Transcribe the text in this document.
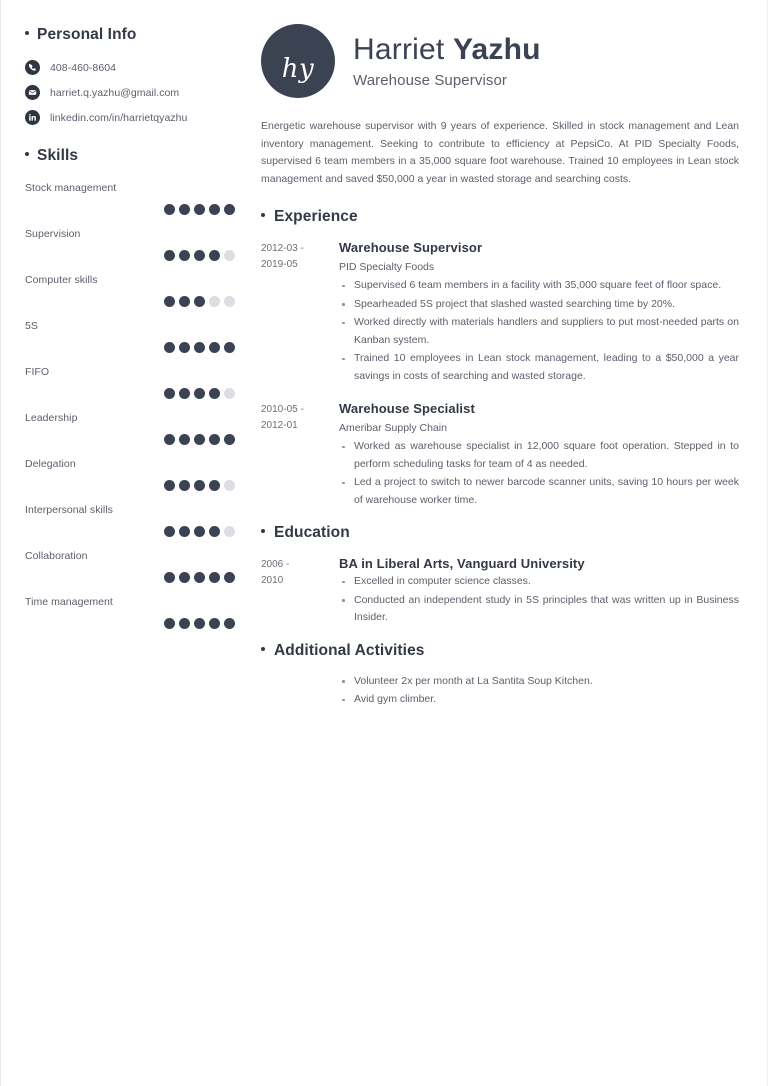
Personal Info
408-460-8604
harriet.q.yazhu@gmail.com
linkedin.com/in/harrietqyazhu
Skills
Stock management
Supervision
Computer skills
5S
FIFO
Leadership
Delegation
Interpersonal skills
Collaboration
Time management
hy
Harriet Yazhu
Warehouse Supervisor
Energetic warehouse supervisor with 9 years of experience. Skilled in stock management and Lean inventory management. Seeking to contribute to efficiency at PepsiCo. At PID Specialty Foods, supervised 6 team members in a 35,000 square foot warehouse. Trained 10 employees in Lean stock management and saved $50,000 a year in wasted storage and searching costs.
Experience
2012-03 -
2019-05
Warehouse Supervisor
PID Specialty Foods
Supervised 6 team members in a facility with 35,000 square feet of floor space.
Spearheaded 5S project that slashed wasted searching time by 20%.
Worked directly with materials handlers and suppliers to put most-needed parts on Kanban system.
Trained 10 employees in Lean stock management, leading to a $50,000 a year savings in costs of searching and wasted storage.
2010-05 -
2012-01
Warehouse Specialist
Ameribar Supply Chain
Worked as warehouse specialist in 12,000 square foot operation. Stepped in to perform scheduling tasks for team of 4 as needed.
Led a project to switch to newer barcode scanner units, saving 10 hours per week of warehouse worker time.
Education
2006 -
2010
BA in Liberal Arts, Vanguard University
Excelled in computer science classes.
Conducted an independent study in 5S principles that was written up in Business Insider.
Additional Activities
Volunteer 2x per month at La Santita Soup Kitchen.
Avid gym climber.
